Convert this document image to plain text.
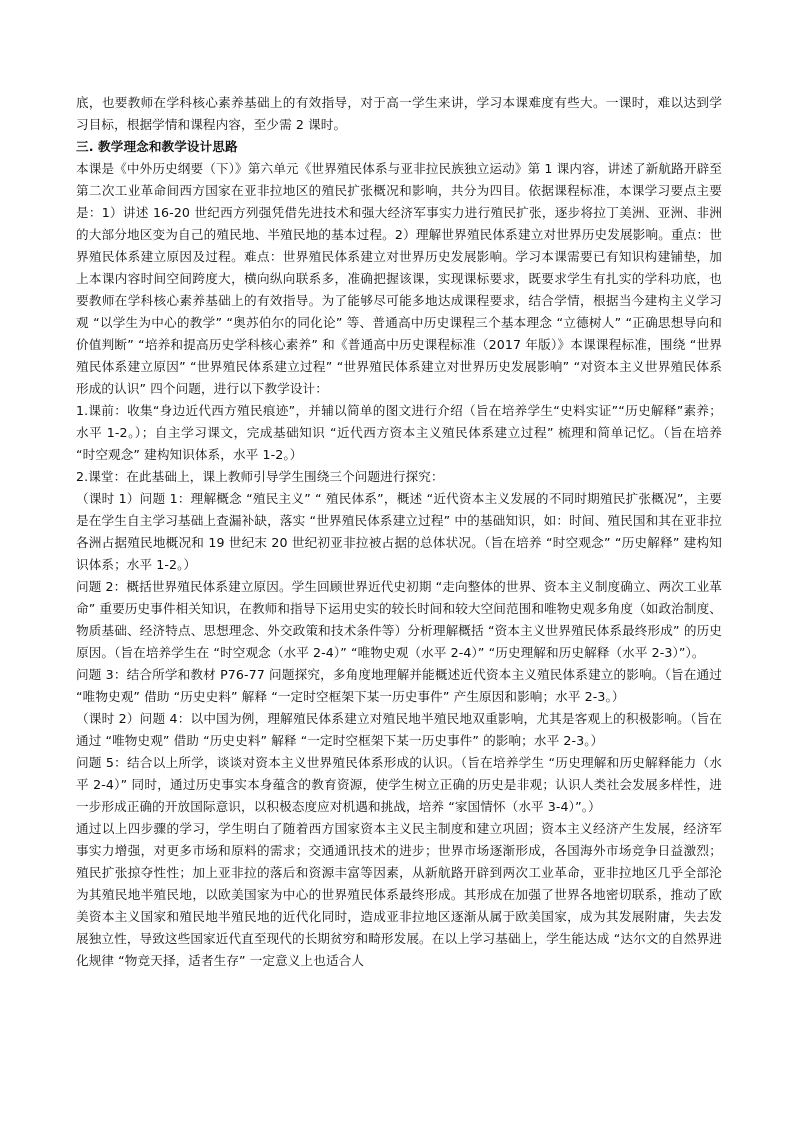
底，也要教师在学科核心素养基础上的有效指导，对于高一学生来讲，学习本课难度有些大。一课时，难以达到学习目标，根据学情和课程内容，至少需 2 课时。

三. 教学理念和教学设计思路

本课是《中外历史纲要（下）》第六单元《世界殖民体系与亚非拉民族独立运动》第 1 课内容，讲述了新航路开辟至第二次工业革命间西方国家在亚非拉地区的殖民扩张概况和影响，共分为四目。依据课程标准，本课学习要点主要是：1）讲述 16-20 世纪西方列强凭借先进技术和强大经济军事实力进行殖民扩张，逐步将拉丁美洲、亚洲、非洲的大部分地区变为自己的殖民地、半殖民地的基本过程。2）理解世界殖民体系建立对世界历史发展影响。重点：世界殖民体系建立原因及过程。难点：世界殖民体系建立对世界历史发展影响。学习本课需要已有知识构建铺垫，加上本课内容时间空间跨度大，横向纵向联系多，准确把握该课，实现课标要求，既要求学生有扎实的学科功底，也要教师在学科核心素养基础上的有效指导。为了能够尽可能多地达成课程要求，结合学情，根据当今建构主义学习观 “以学生为中心的教学” “奥苏伯尔的同化论” 等、普通高中历史课程三个基本理念 “立德树人” “正确思想导向和价值判断” “培养和提高历史学科核心素养” 和《普通高中历史课程标准（2017 年版）》本课课程标准，围绕 “世界殖民体系建立原因” “世界殖民体系建立过程” “世界殖民体系建立对世界历史发展影响” “对资本主义世界殖民体系形成的认识” 四个问题，进行以下教学设计：

1.课前：收集“身边近代西方殖民痕迹”，并辅以简单的图文进行介绍（旨在培养学生“史料实证”“历史解释”素养；水平 1-2。）；自主学习课文，完成基础知识 “近代西方资本主义殖民体系建立过程” 梳理和简单记忆。（旨在培养 “时空观念” 建构知识体系，水平 1-2。）

2.课堂：在此基础上，课上教师引导学生围绕三个问题进行探究：

（课时 1）问题 1：理解概念 “殖民主义” “ 殖民体系”，概述 “近代资本主义发展的不同时期殖民扩张概况”，主要是在学生自主学习基础上查漏补缺，落实 “世界殖民体系建立过程” 中的基础知识，如：时间、殖民国和其在亚非拉各洲占据殖民地概况和 19 世纪末 20 世纪初亚非拉被占据的总体状况。（旨在培养 “时空观念” “历史解释” 建构知识体系；水平 1-2。）

问题 2：概括世界殖民体系建立原因。学生回顾世界近代史初期 “走向整体的世界、资本主义制度确立、两次工业革命” 重要历史事件相关知识，在教师和指导下运用史实的较长时间和较大空间范围和唯物史观多角度（如政治制度、物质基础、经济特点、思想理念、外交政策和技术条件等）分析理解概括 “资本主义世界殖民体系最终形成” 的历史原因。（旨在培养学生在 “时空观念（水平 2-4）” “唯物史观（水平 2-4）” “历史理解和历史解释（水平 2-3）”）。

问题 3：结合所学和教材 P76-77 问题探究，多角度地理解并能概述近代资本主义殖民体系建立的影响。（旨在通过 “唯物史观” 借助 “历史史料” 解释 “一定时空框架下某一历史事件” 产生原因和影响；水平 2-3。）

（课时 2）问题 4：以中国为例，理解殖民体系建立对殖民地半殖民地双重影响，尤其是客观上的积极影响。（旨在通过 “唯物史观” 借助 “历史史料” 解释 “一定时空框架下某一历史事件” 的影响；水平 2-3。）

问题 5：结合以上所学，谈谈对资本主义世界殖民体系形成的认识。（旨在培养学生 “历史理解和历史解释能力（水平 2-4）” 同时，通过历史事实本身蕴含的教育资源，使学生树立正确的历史是非观；认识人类社会发展多样性，进一步形成正确的开放国际意识，以积极态度应对机遇和挑战，培养 “家国情怀（水平 3-4）”。）

通过以上四步骤的学习，学生明白了随着西方国家资本主义民主制度和建立巩固；资本主义经济产生发展，经济军事实力增强，对更多市场和原料的需求；交通通讯技术的进步；世界市场逐渐形成，各国海外市场竞争日益激烈；殖民扩张掠夺性性；加上亚非拉的落后和资源丰富等因素，从新航路开辟到两次工业革命，亚非拉地区几乎全部沦为其殖民地半殖民地，以欧美国家为中心的世界殖民体系最终形成。其形成在加强了世界各地密切联系，推动了欧美资本主义国家和殖民地半殖民地的近代化同时，造成亚非拉地区逐渐从属于欧美国家，成为其发展附庸，失去发展独立性，导致这些国家近代直至现代的长期贫穷和畸形发展。在以上学习基础上，学生能达成 “达尔文的自然界进化规律 “物竞天择，适者生存” 一定意义上也适合人
